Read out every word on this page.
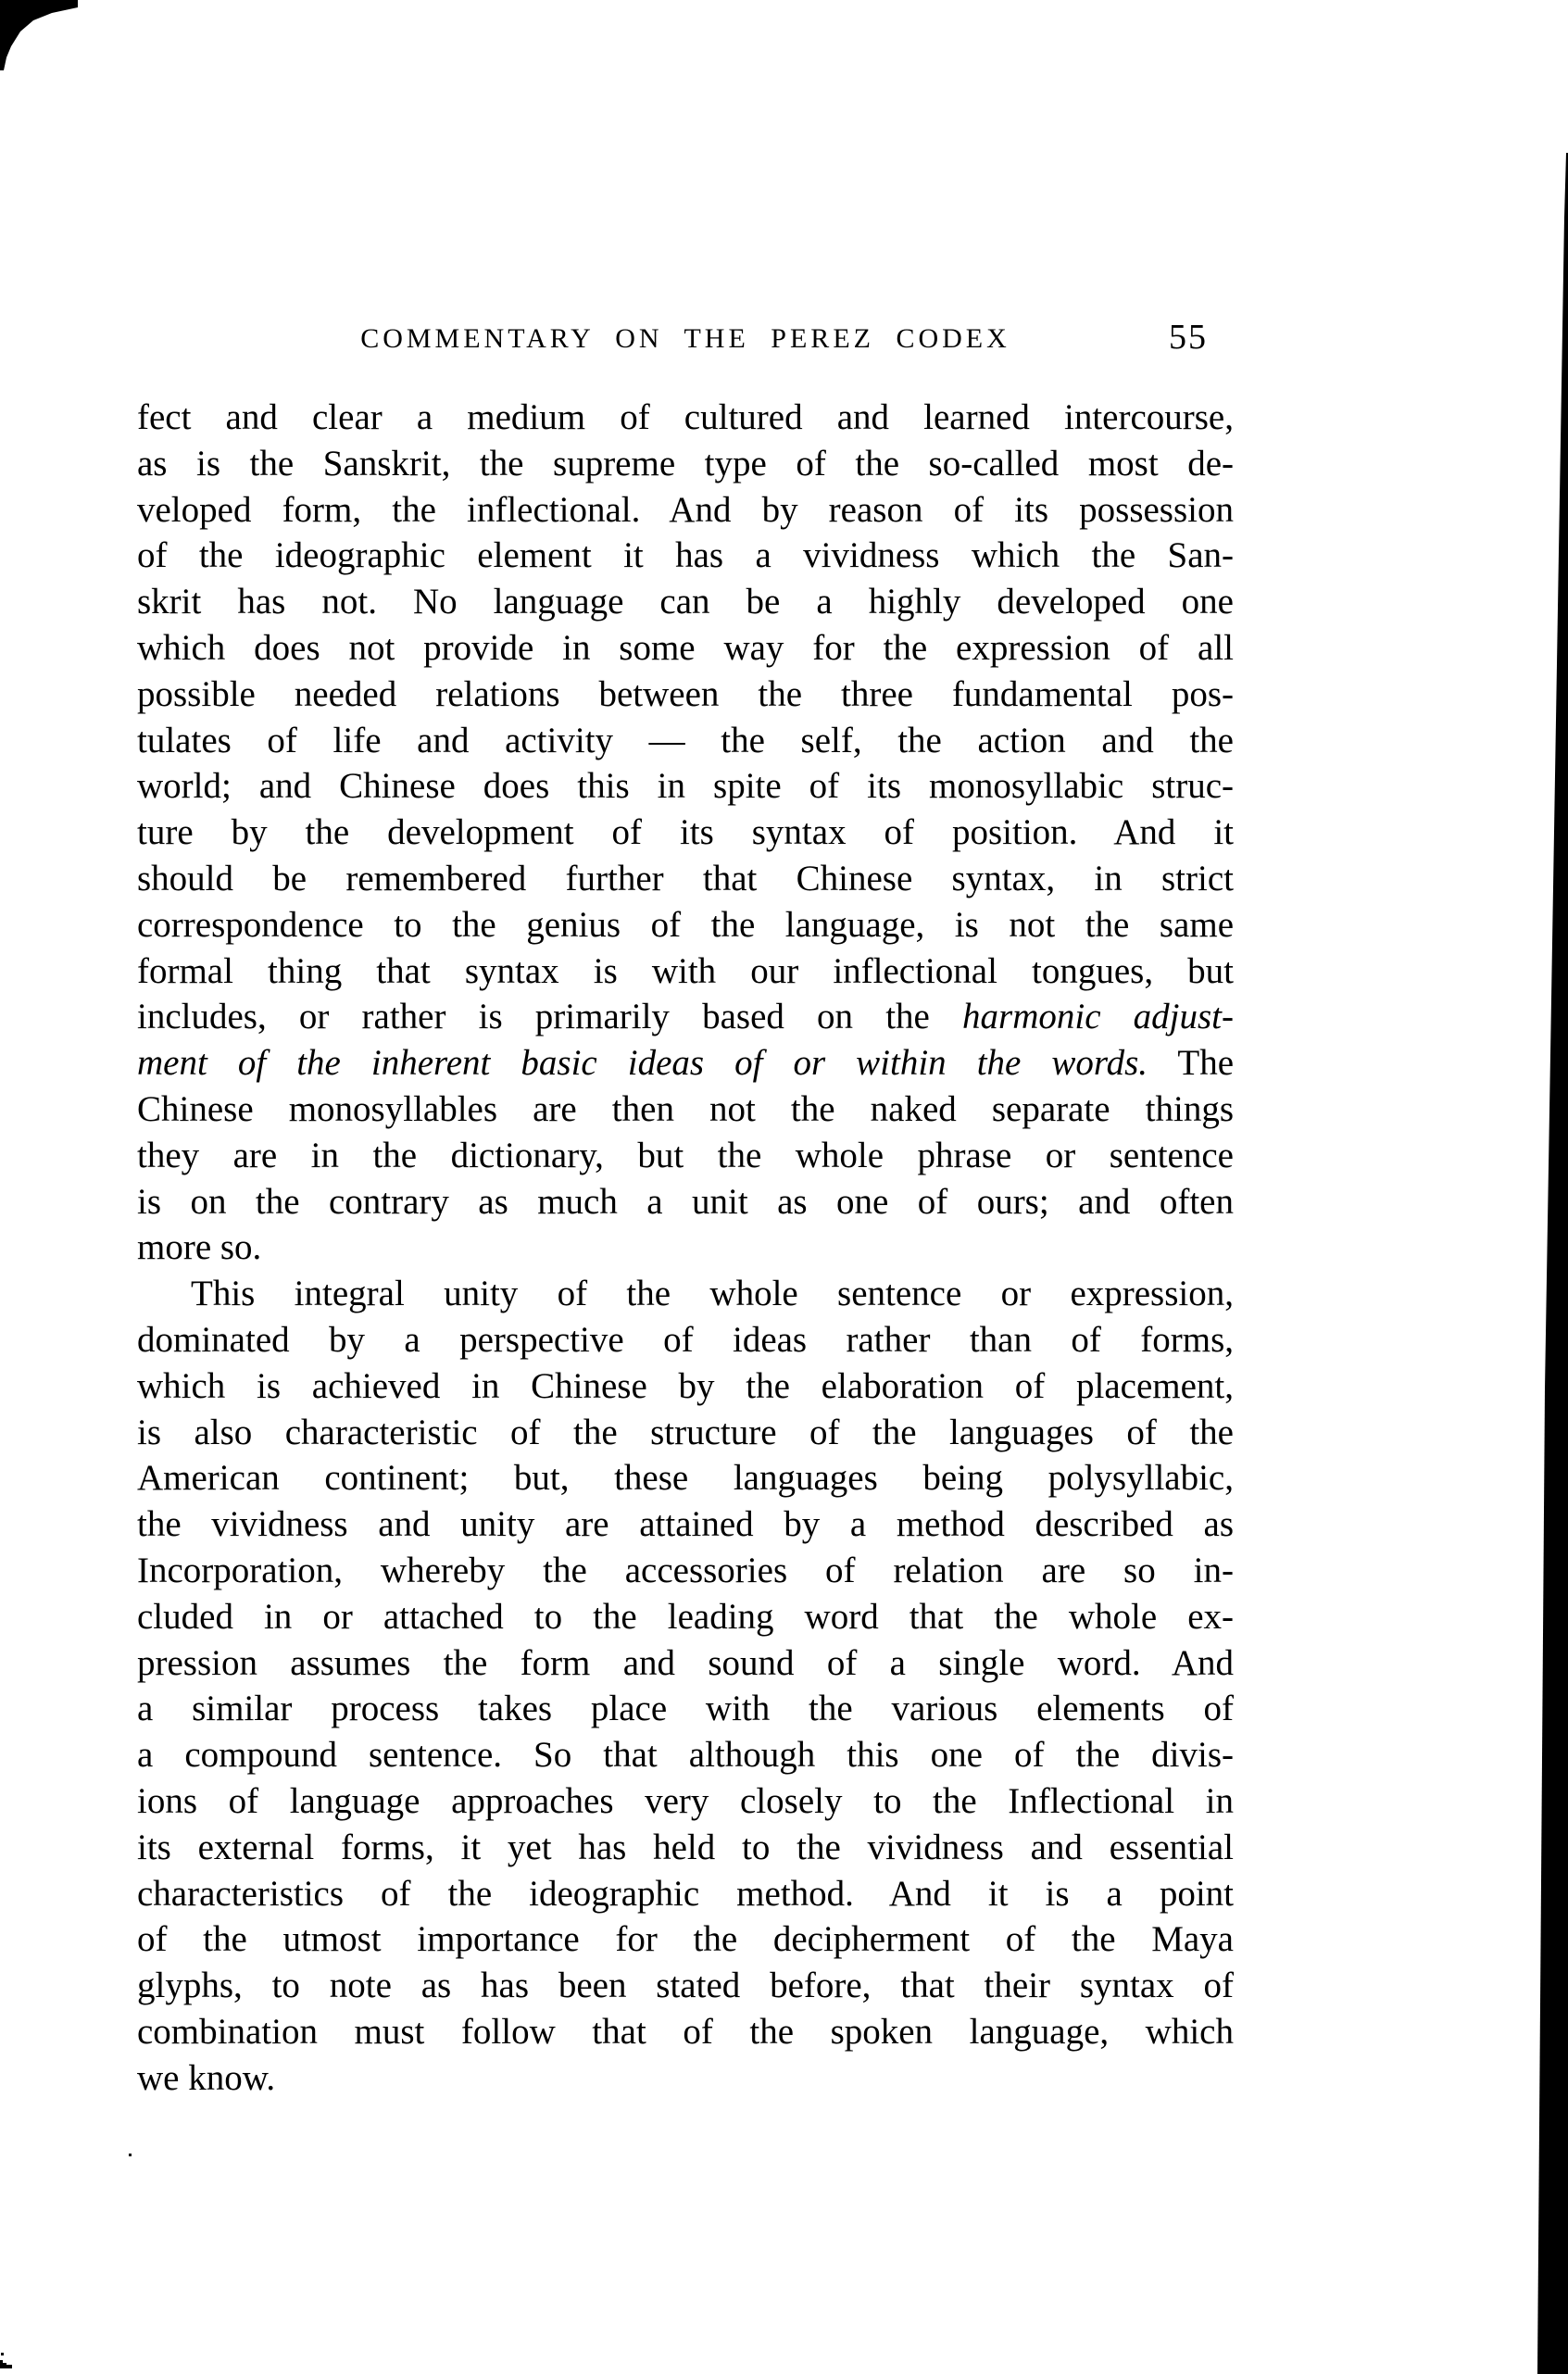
COMMENTARY ON THE PEREZ CODEX	55
fect and clear a medium of cultured and learned intercourse,
as is the Sanskrit, the supreme type of the so-called most de-
veloped form, the inflectional. And by reason of its possession
of the ideographic element it has a vividness which the San-
skrit has not. No language can be a highly developed one
which does not provide in some way for the expression of all
possible needed relations between the three fundamental pos-
tulates of life and activity — the self, the action and the
world; and Chinese does this in spite of its monosyllabic struc-
ture by the development of its syntax of position. And it
should be remembered further that Chinese syntax, in strict
correspondence to the genius of the language, is not the same
formal thing that syntax is with our inflectional tongues, but
includes, or rather is primarily based on the harmonic adjust-
ment of the inherent basic ideas of or within the words. The
Chinese monosyllables are then not the naked separate things
they are in the dictionary, but the whole phrase or sentence
is on the contrary as much a unit as one of ours; and often
more so.
This integral unity of the whole sentence or expression,
dominated by a perspective of ideas rather than of forms,
which is achieved in Chinese by the elaboration of placement,
is also characteristic of the structure of the languages of the
American continent; but, these languages being polysyllabic,
the vividness and unity are attained by a method described as
Incorporation, whereby the accessories of relation are so in-
cluded in or attached to the leading word that the whole ex-
pression assumes the form and sound of a single word. And
a similar process takes place with the various elements of
a compound sentence. So that although this one of the divis-
ions of language approaches very closely to the Inflectional in
its external forms, it yet has held to the vividness and essential
characteristics of the ideographic method. And it is a point
of the utmost importance for the decipherment of the Maya
glyphs, to note as has been stated before, that their syntax of
combination must follow that of the spoken language, which
we know.
